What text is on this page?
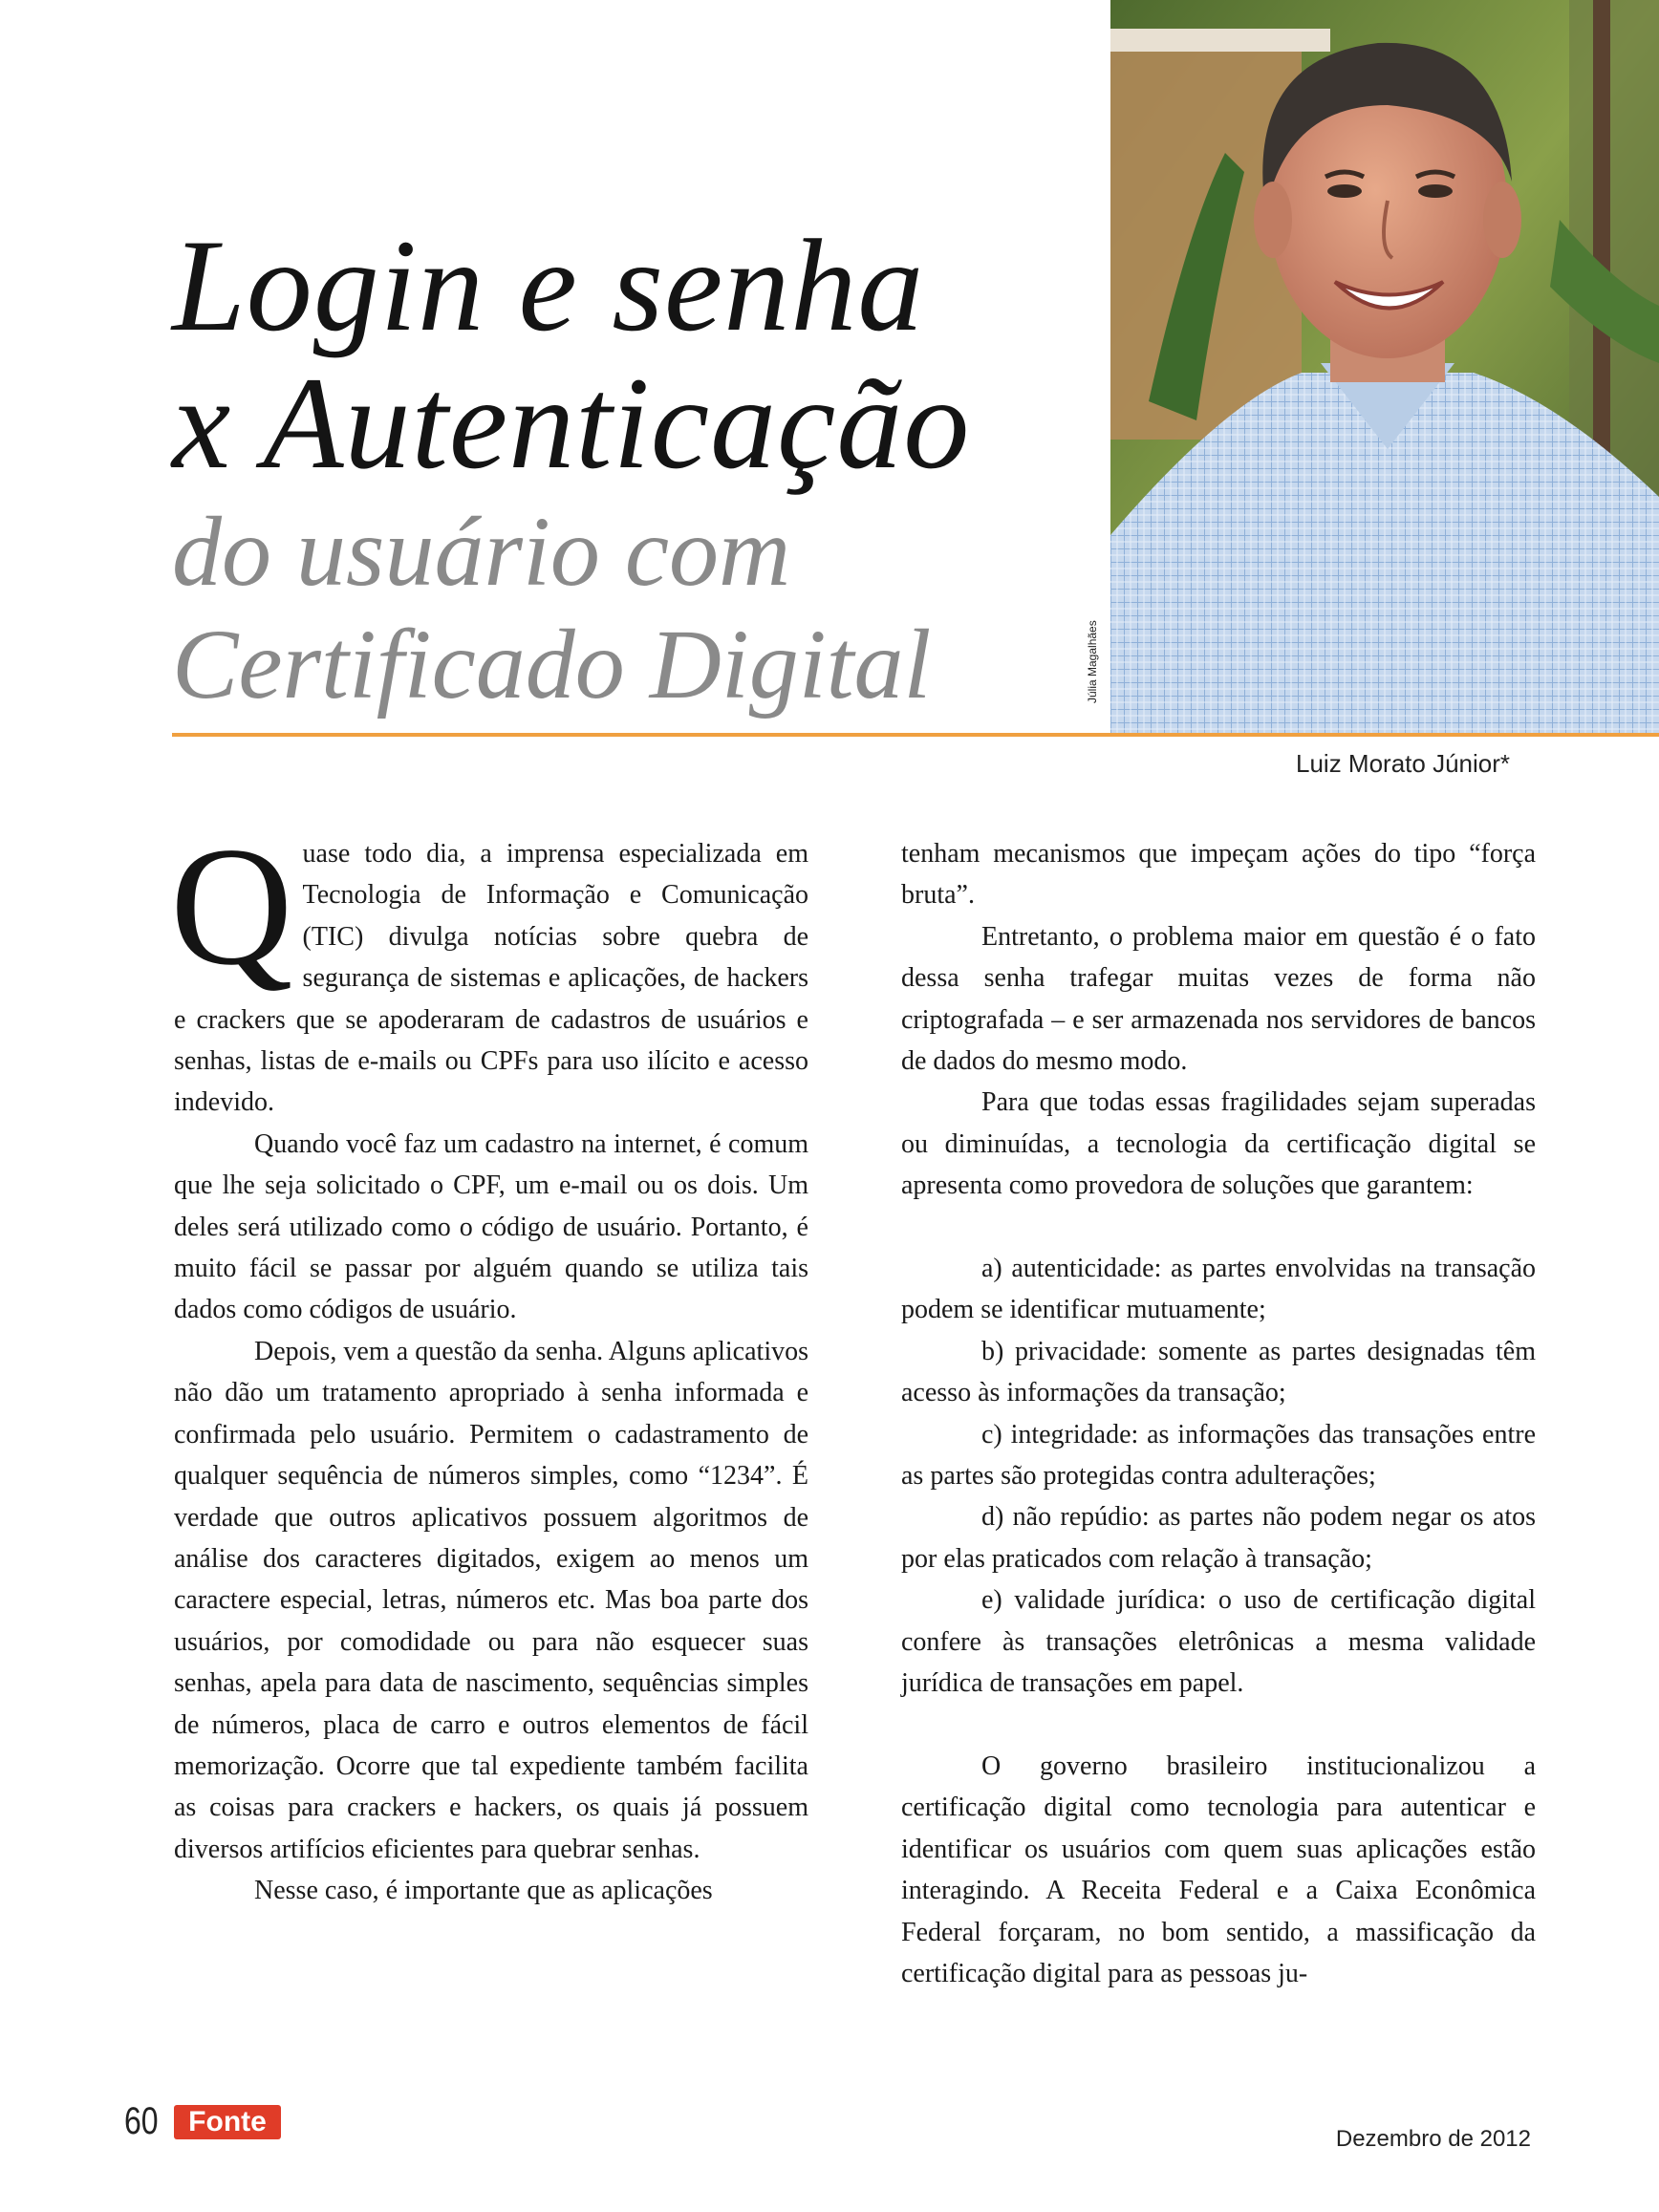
Júlia Magalhães
Login e senha
x Autenticação
do usuário com
Certificado Digital
Luiz Morato Júnior*

Quase todo dia, a imprensa especializada em Tecnologia de Informação e Comunicação (TIC) divulga notícias sobre quebra de segurança de sistemas e aplicações, de hackers e crackers que se apoderaram de cadastros de usuários e senhas, listas de e-mails ou CPFs para uso ilícito e acesso indevido.

Quando você faz um cadastro na internet, é comum que lhe seja solicitado o CPF, um e-mail ou os dois. Um deles será utilizado como o código de usuário. Portanto, é muito fácil se passar por alguém quando se utiliza tais dados como códigos de usuário.

Depois, vem a questão da senha. Alguns aplicativos não dão um tratamento apropriado à senha informada e confirmada pelo usuário. Permitem o cadastramento de qualquer sequência de números simples, como “1234”. É verdade que outros aplicativos possuem algoritmos de análise dos caracteres digitados, exigem ao menos um caractere especial, letras, números etc. Mas boa parte dos usuários, por comodidade ou para não esquecer suas senhas, apela para data de nascimento, sequências simples de números, placa de carro e outros elementos de fácil memorização. Ocorre que tal expediente também facilita as coisas para crackers e hackers, os quais já possuem diversos artifícios eficientes para quebrar senhas.

Nesse caso, é importante que as aplicações

tenham mecanismos que impeçam ações do tipo “força bruta”.

Entretanto, o problema maior em questão é o fato dessa senha trafegar muitas vezes de forma não criptografada – e ser armazenada nos servidores de bancos de dados do mesmo modo.

Para que todas essas fragilidades sejam superadas ou diminuídas, a tecnologia da certificação digital se apresenta como provedora de soluções que garantem:

a) autenticidade: as partes envolvidas na transação podem se identificar mutuamente;

b) privacidade: somente as partes designadas têm acesso às informações da transação;

c) integridade: as informações das transações entre as partes são protegidas contra adulterações;

d) não repúdio: as partes não podem negar os atos por elas praticados com relação à transação;

e) validade jurídica: o uso de certificação digital confere às transações eletrônicas a mesma validade jurídica de transações em papel.

O governo brasileiro institucionalizou a certificação digital como tecnologia para autenticar e identificar os usuários com quem suas aplicações estão interagindo. A Receita Federal e a Caixa Econômica Federal forçaram, no bom sentido, a massificação da certificação digital para as pessoas ju-

60	Fonte
Dezembro de 2012
